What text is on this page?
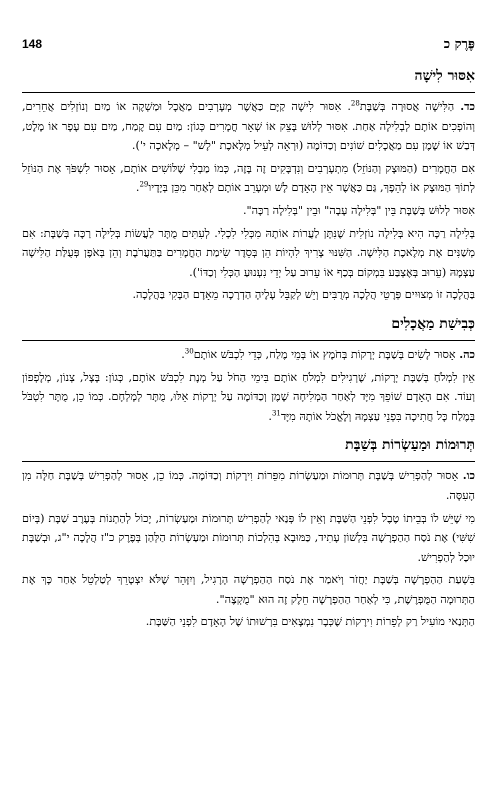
148	פֶּרֶק כ
אִסּוּר לִישָׁה

כד. הַלִּישָׁה אֲסוּרָה בְּשַׁבָּת$^{28}$. אִסּוּר לִישָׁה קַיָּם כַּאֲשֶׁר מְעָרְבִים מַאֲכָל וּמַשְׁקֶה אוֹ מַיִם וְנוֹזְלִים אֲחֵרִים, וְהוֹפְכִים אוֹתָם לְבְלִילָה אַחַת. אִסּוּר לְלוּשׁ בָּצֵק אוֹ שְׁאָר חֳמָרִים כְּגוֹן: מַיִם עִם קֶמַח, מַיִם עִם עָפָר אוֹ מֶלֶט, דְּבַשׁ אוֹ שֶׁמֶן עִם מַאֲכָלִים שׁוֹנִים וְכַדּוֹמֶה (וּרְאֵה לְעֵיל מְלֶאכֶת "לָשׁ" – מְלָאכָה י').

אִם הַחֳמָרִים (הַמּוּצָק וְהַנּוֹזֵל) מִתְעָרְבִים וְנִדְבָּקִים זֶה בָּזֶה, כְּמוֹ מַבְלִי שֶׁלּוֹשִׁים אוֹתָם, אָסוּר לִשְׁפֹּךְ אֶת הַנּוֹזֵל לְתוֹךְ הַמּוּצָק אוֹ לְהֵפֶךְ, גַּם כַּאֲשֶׁר אֵין הָאָדָם לָשׁ וּמְעָרֵב אוֹתָם לְאַחַר מִכֵּן בְּיָדָיו$^{29}$.

אִסּוּר לְלוּשׁ בְּשַׁבָּת בֵּין "בְּלִילָה עָבָה" וּבֵין "בְּלִילָה רַכָּה".

בְּלִילָה רַכָּה הִיא בְּלִילָה נוֹזְלִית שֶׁנִּתָּן לַעֲרוֹת אוֹתָהּ מִכְּלִי לִכְלִי. לְעִתִּים מֻתָּר לַעֲשׂוֹת בְּלִילָה רַכָּה בְּשַׁבָּת: אִם מְשַׁנִּים אֶת מְלֶאכֶת הַלִּישָׁה. הַשִּׁנּוּי צָרִיךְ לִהְיוֹת הֵן בְּסֵדֶר שִׂימַת הַחֳמָרִים בַּתַּעֲרֹבֶת וְהֵן בְּאֹפֶן פְּעֻלַּת הַלִּישָׁה עַצְמָהּ (עֵרוּב בְּאֶצְבַּע בִּמְקוֹם בְּכַף אוֹ עֵרוּב עַל יְדֵי נִעְנוּעַ הַכְּלִי וְכַדּוֹ').

בַּהֲלָכָה זוֹ מְצוּיִים פְּרָטֵי הֲלָכָה מְרֻבִּים וְיֵשׁ לְקַבֵּל עָלֶיהָ הַדְרָכָה מֵאָדָם הַבָּקִי בַּהֲלָכָה.

כְּבִישַׁת מַאֲכָלִים

כה. אָסוּר לָשִׂים בְּשַׁבָּת יְרָקוֹת בְּחֹמֶץ אוֹ בְּמֵי מֶלַח, כְּדֵי לִכְבֹּשׁ אוֹתָם$^{30}$.

אֵין לִמְלֹחַ בְּשַׁבָּת יְרָקוֹת, שֶׁרְגִילִים לִמְלֹחַ אוֹתָם בִּימֵי הַחֹל עַל מְנָת לִכְבֹּשׁ אוֹתָם, כְּגוֹן: בָּצָל, צְנוֹן, מְלָפְפוֹן וְעוֹד. אִם הָאָדָם שׁוֹפֵךְ מִיָּד לְאַחַר הַמְלִיחָה שֶׁמֶן וְכַדּוֹמֶה עַל יְרָקוֹת אֵלּוּ, מֻתָּר לְמָלְחָם. כְּמוֹ כֵן, מֻתָּר לִטְבֹּל בְּמֶלַח כָּל חֲתִיכָה בִּפְנֵי עַצְמָהּ וְלֶאֱכֹל אוֹתָהּ מִיָּד$^{31}$.

תְּרוּמוֹת וּמַעַשְׂרוֹת בְּשַׁבָּת

כו. אָסוּר לְהַפְרִישׁ בְּשַׁבָּת תְּרוּמוֹת וּמַעַשְׂרוֹת מִפֵּרוֹת וִירָקוֹת וְכַדּוֹמֶה. כְּמוֹ כֵן, אָסוּר לְהַפְרִישׁ בְּשַׁבָּת חַלָּה מִן הָעִסָּה.

מִי שֶׁיֵּשׁ לוֹ בְּבֵיתוֹ טֶבֶל לִפְנֵי הַשַּׁבָּת וְאֵין לוֹ פְּנַאי לְהַפְרִישׁ תְּרוּמוֹת וּמַעַשְׂרוֹת, יָכוֹל לְהַתְנוֹת בְּעֶרֶב שַׁבָּת (בְּיוֹם שִׁשִּׁי) אֶת נֹסַח הַהַפְרָשָׁה בִּלְשׁוֹן עָתִיד, כַּמּוּבָא בְּהִלְכוֹת תְּרוּמוֹת וּמַעַשְׂרוֹת הַלְּהַן בְּפֶרֶק כ"ז הֲלָכָה י"ג, וּבְשַׁבָּת יוּכַל לְהַפְרִישׁ.

בִּשְׁעַת הַהַפְרָשָׁה בְּשַׁבָּת יַחֲזֹר וְיֹאמַר אֶת נֹסַח הַהַפְרָשָׁה הָרָגִיל, וְיִזָּהֵר שֶׁלֹּא יִצְטָרֵךְ לְטַלְטֵל אַחַר כָּךְ אֶת הַתְּרוּמָה הַמֻּפְרֶשֶׁת, כִּי לְאַחַר הַהַפְרָשָׁה חֵלֶק זֶה הוּא "מֻקְצֶה".

הַתְּנַאי מוֹעִיל רַק לְפֵרוֹת וִירָקוֹת שֶׁכְּבָר נִמְצָאִים בִּרְשׁוּתוֹ שֶׁל הָאָדָם לִפְנֵי הַשַּׁבָּת.
